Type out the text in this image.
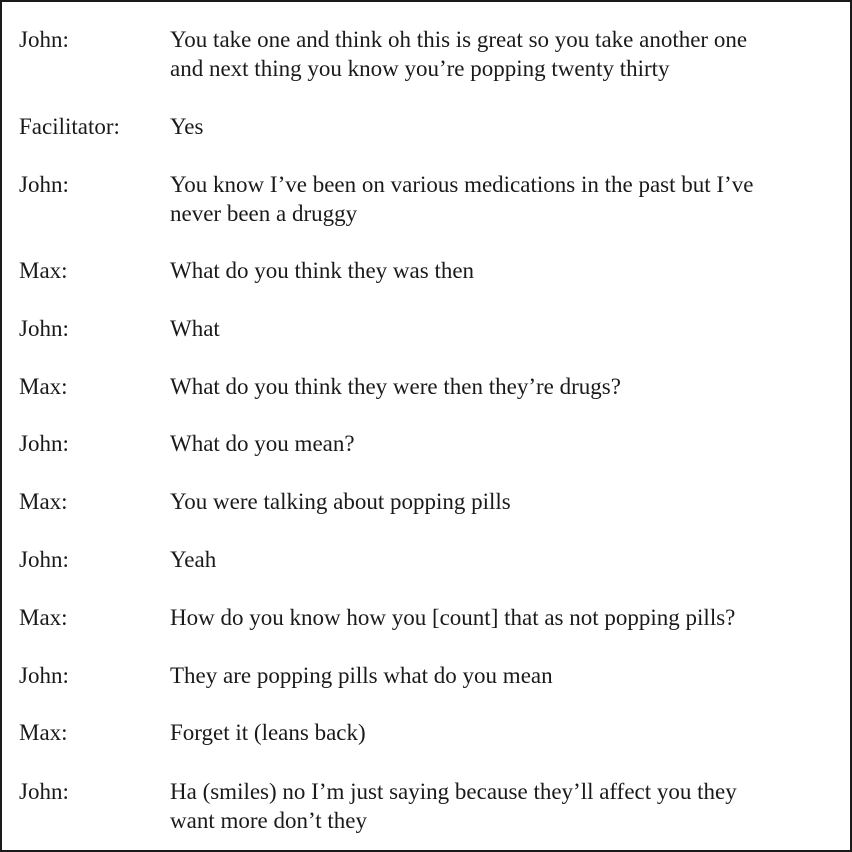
John:	You take one and think oh this is great so you take another one
and next thing you know you’re popping twenty thirty
Facilitator: Yes
John:	You know I’ve been on various medications in the past but I’ve
never been a druggy
Max:	What do you think they was then
John:	What
Max:	What do you think they were then they’re drugs?
John:	What do you mean?
Max:	You were talking about popping pills
John:	Yeah
Max:	How do you know how you [count] that as not popping pills?
John:	They are popping pills what do you mean
Max:	Forget it (leans back)
John:	Ha (smiles) no I’m just saying because they’ll affect you they
want more don’t they
